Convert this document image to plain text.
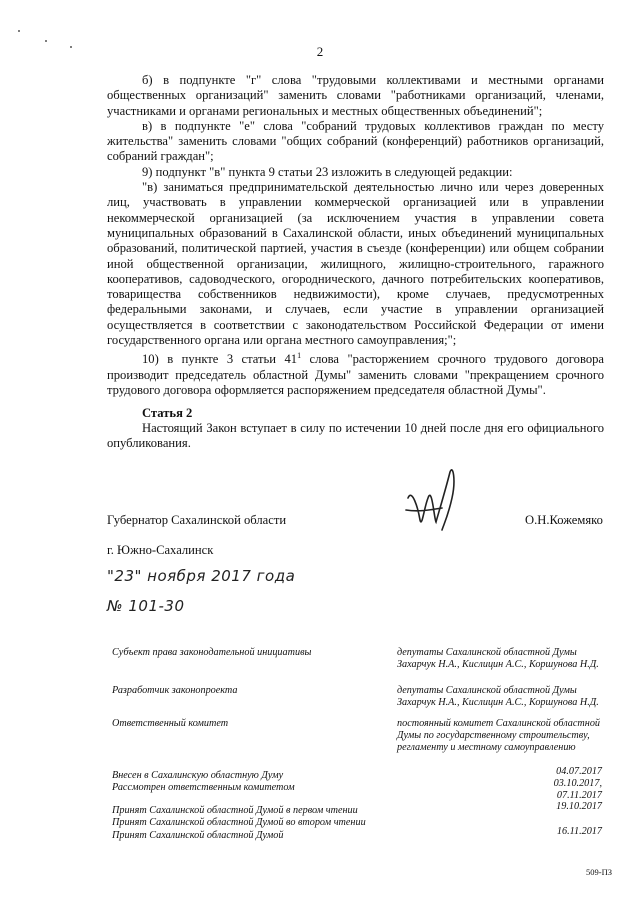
2

б) в подпункте "г" слова "трудовыми коллективами и местными органами общественных организаций" заменить словами "работниками организаций, членами, участниками и органами региональных и местных общественных объединений";

в) в подпункте "е" слова "собраний трудовых коллективов граждан по месту жительства" заменить словами "общих собраний (конференций) работников организаций, собраний граждан";

9) подпункт "в" пункта 9 статьи 23 изложить в следующей редакции:

"в) заниматься предпринимательской деятельностью лично или через доверенных лиц, участвовать в управлении коммерческой организацией или в управлении некоммерческой организацией (за исключением участия в управлении совета муниципальных образований в Сахалинской области, иных объединений муниципальных образований, политической партией, участия в съезде (конференции) или общем собрании иной общественной организации, жилищного, жилищно-строительного, гаражного кооперативов, садоводческого, огороднического, дачного потребительских кооперативов, товарищества собственников недвижимости), кроме случаев, предусмотренных федеральными законами, и случаев, если участие в управлении организацией осуществляется в соответствии с законодательством Российской Федерации от имени государственного органа или органа местного самоуправления;";

10) в пункте 3 статьи $41^1$ слова "расторжением срочного трудового договора производит председатель областной Думы" заменить словами "прекращением срочного трудового договора оформляется распоряжением председателя областной Думы".

Статья 2

Настоящий Закон вступает в силу по истечении 10 дней после дня его официального опубликования.

Губернатор Сахалинской области	О.Н.Кожемяко
г. Южно-Сахалинск
"23" ноября 2017 года
№ 101-30
Субъект права законодательной инициативы	депутаты Сахалинской областной Думы Захарчук Н.А., Кислицин А.С., Коршунова Н.Д.
Разработчик законопроекта	депутаты Сахалинской областной Думы Захарчук Н.А., Кислицин А.С., Коршунова Н.Д.
Ответственный комитет	постоянный комитет Сахалинской областной Думы по государственному строительству, регламенту и местному самоуправлению
Внесен в Сахалинскую областную Думу	04.07.2017
Рассмотрен ответственным комитетом	03.10.2017,
07.11.2017
Принят Сахалинской областной Думой в первом чтении	19.10.2017
Принят Сахалинской областной Думой во втором чтении
Принят Сахалинской областной Думой	16.11.2017
509-ПЗ
